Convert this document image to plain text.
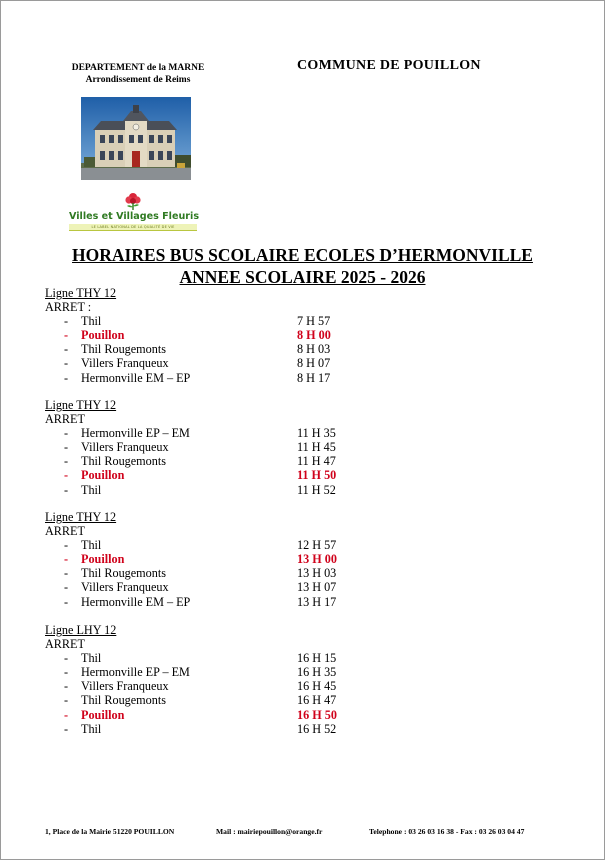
DEPARTEMENT de la MARNE
Arrondissement de Reims
COMMUNE DE POUILLON
Villes et Villages Fleuris
LE LABEL NATIONAL DE LA QUALITÉ DE VIE
HORAIRES BUS SCOLAIRE ECOLES D’HERMONVILLE
ANNEE SCOLAIRE 2025 - 2026
Ligne THY 12
ARRET :
- Thil	7 H 57
- Pouillon	8 H 00
- Thil Rougemonts	8 H 03
- Villers Franqueux	8 H 07
- Hermonville EM – EP	8 H 17
Ligne THY 12
ARRET
- Hermonville EP – EM	11 H 35
- Villers Franqueux	11 H 45
- Thil Rougemonts	11 H 47
- Pouillon	11 H 50
- Thil	11 H 52
Ligne THY 12
ARRET
- Thil	12 H 57
- Pouillon	13 H 00
- Thil Rougemonts	13 H 03
- Villers Franqueux	13 H 07
- Hermonville EM – EP	13 H 17
Ligne LHY 12
ARRET
- Thil	16 H 15
- Hermonville EP – EM	16 H 35
- Villers Franqueux	16 H 45
- Thil Rougemonts	16 H 47
- Pouillon	16 H 50
- Thil	16 H 52
1, Place de la Mairie 51220 POUILLON	Mail : mairiepouillon@orange.fr	Telephone : 03 26 03 16 38 - Fax : 03 26 03 04 47
